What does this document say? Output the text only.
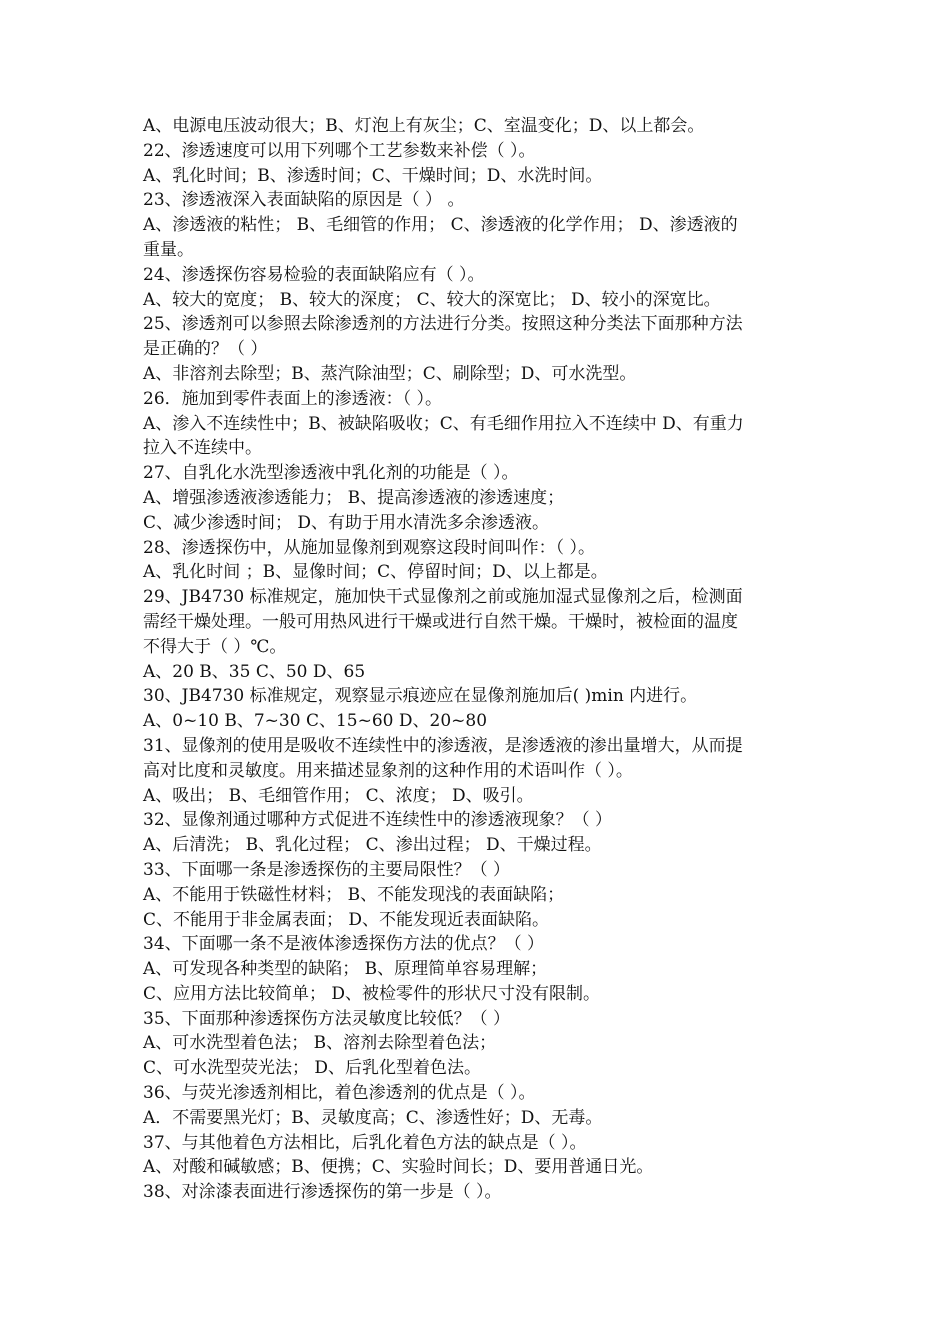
A、电源电压波动很大；B、灯泡上有灰尘；C、室温变化；D、以上都会。
22、渗透速度可以用下列哪个工艺参数来补偿（ ）。
A、乳化时间；B、渗透时间；C、干燥时间；D、水洗时间。
23、渗透液深入表面缺陷的原因是（ ） 。
A、渗透液的粘性； B、毛细管的作用； C、渗透液的化学作用； D、渗透液的
重量。
24、渗透探伤容易检验的表面缺陷应有（ ）。
A、较大的宽度； B、较大的深度； C、较大的深宽比； D、较小的深宽比。
25、渗透剂可以参照去除渗透剂的方法进行分类。按照这种分类法下面那种方法
是正确的？（ ）
A、非溶剂去除型；B、蒸汽除油型；C、刷除型；D、可水洗型。
26．施加到零件表面上的渗透液：（ ）。
A、渗入不连续性中；B、被缺陷吸收；C、有毛细作用拉入不连续中 D、有重力
拉入不连续中。
27、自乳化水洗型渗透液中乳化剂的功能是（ ）。
A、增强渗透液渗透能力； B、提高渗透液的渗透速度；
C、减少渗透时间； D、有助于用水清洗多余渗透液。
28、渗透探伤中，从施加显像剂到观察这段时间叫作：（ ）。
A、乳化时间 ；B、显像时间；C、停留时间；D、以上都是。
29、JB4730 标准规定，施加快干式显像剂之前或施加湿式显像剂之后，检测面
需经干燥处理。一般可用热风进行干燥或进行自然干燥。干燥时，被检面的温度
不得大于（ ）℃。
A、20 B、35 C、50 D、65
30、JB4730 标准规定，观察显示痕迹应在显像剂施加后( )min 内进行。
A、0~10 B、7~30 C、15~60 D、20~80
31、显像剂的使用是吸收不连续性中的渗透液，是渗透液的渗出量增大，从而提
高对比度和灵敏度。用来描述显象剂的这种作用的术语叫作（ ）。
A、吸出； B、毛细管作用； C、浓度； D、吸引。
32、显像剂通过哪种方式促进不连续性中的渗透液现象？（ ）
A、后清洗； B、乳化过程； C、渗出过程； D、干燥过程。
33、下面哪一条是渗透探伤的主要局限性？（ ）
A、不能用于铁磁性材料； B、不能发现浅的表面缺陷；
C、不能用于非金属表面； D、不能发现近表面缺陷。
34、下面哪一条不是液体渗透探伤方法的优点？（ ）
A、可发现各种类型的缺陷； B、原理简单容易理解；
C、应用方法比较简单； D、被检零件的形状尺寸没有限制。
35、下面那种渗透探伤方法灵敏度比较低？（ ）
A、可水洗型着色法； B、溶剂去除型着色法；
C、可水洗型荧光法； D、后乳化型着色法。
36、与荧光渗透剂相比，着色渗透剂的优点是（ ）。
A．不需要黑光灯；B、灵敏度高；C、渗透性好；D、无毒。
37、与其他着色方法相比，后乳化着色方法的缺点是（ ）。
A、对酸和碱敏感；B、便携；C、实验时间长；D、要用普通日光。
38、对涂漆表面进行渗透探伤的第一步是（ ）。
